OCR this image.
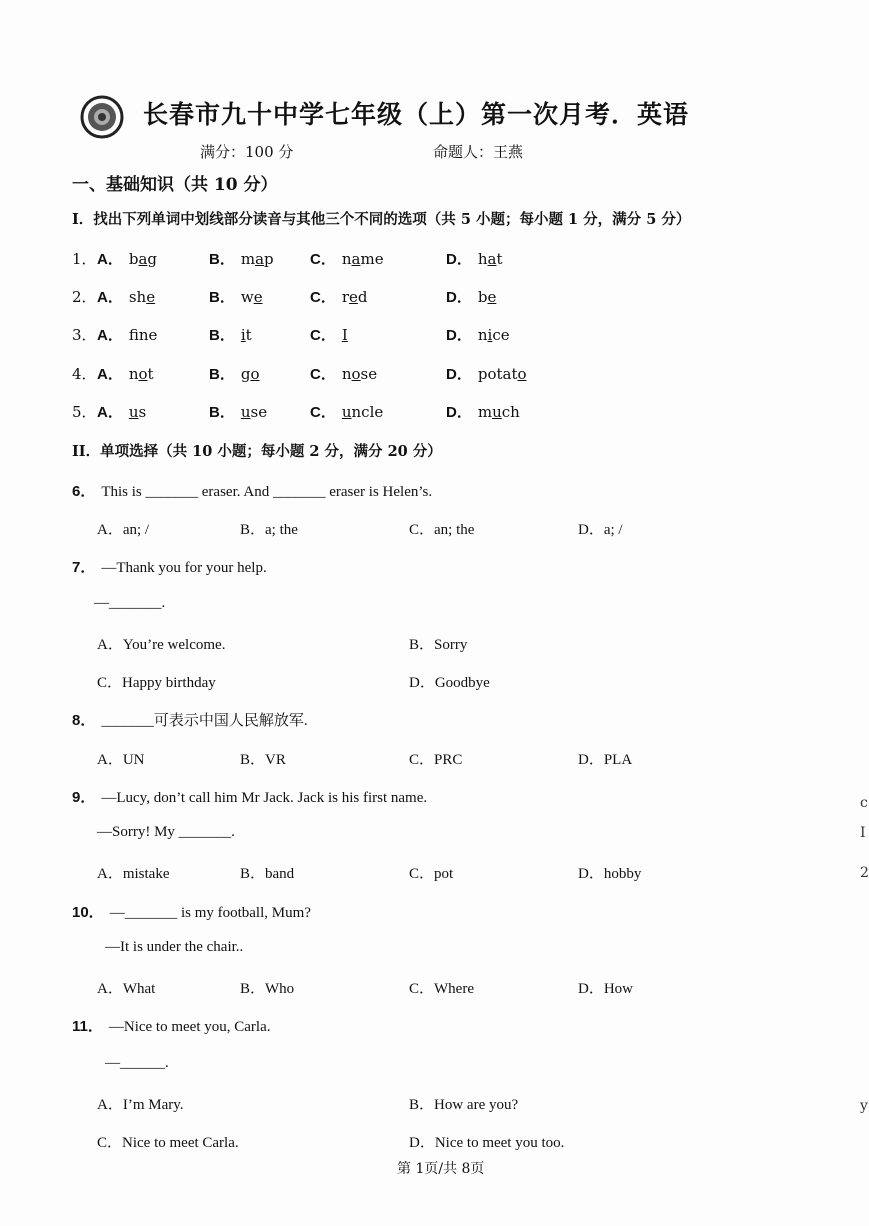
长春市九十中学七年级（上）第一次月考．英语
满分：100 分	命题人：王燕
一、基础知识（共 10 分）
I．找出下列单词中划线部分读音与其他三个不同的选项（共 5 小题；每小题 1 分，满分 5 分）
1． A． bag	B． map C． name	D． hat
2． A． she	B． we	C． red	D． be
3． A． fne	B． it	C． I	D． nice
4． A． not	B． go	C． nose	D． potato
5． A． us	B． use	C． uncle	D． much
II．单项选择（共 10 小题；每小题 2 分，满分 20 分）
6． This is _______ eraser. And _______ eraser is Helen’s.
A．an; /	B．a; the	C．an; the	D．a; /
7． —Thank you for your help.
—_______.
A．You’re welcome.	B．Sorry
C．Happy birthday	D．Goodbye
8． _______可表示中国人民解放军.
A．UN	B．VR	C．PRC	D．PLA
9． —Lucy, don’t call him Mr Jack. Jack is his first name.
—Sorry! My _______.
A．mistake	B．band	C．pot	D．hobby
10． —_______ is my football, Mum?
—It is under the chair..
A．What	B．Who	C．Where	D．How
11． —Nice to meet you, Carla.
—______.
A．I’m Mary.	B．How are you?
C．Nice to meet Carla.	D．Nice to meet you too.
第 1页/共 8页
c
I
2
y
